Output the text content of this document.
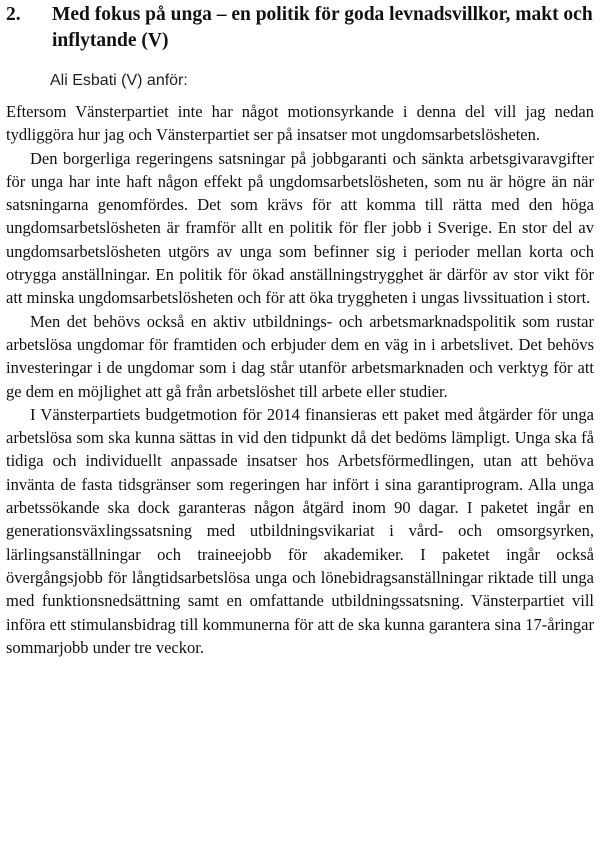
2.	Med fokus på unga – en politik för goda levnadsvillkor, makt och inflytande (V)
Ali Esbati (V) anför:

Eftersom Vänsterpartiet inte har något motionsyrkande i denna del vill jag nedan tydliggöra hur jag och Vänsterpartiet ser på insatser mot ungdomsarbetslösheten.

Den borgerliga regeringens satsningar på jobbgaranti och sänkta arbetsgivaravgifter för unga har inte haft någon effekt på ungdomsarbetslösheten, som nu är högre än när satsningarna genomfördes. Det som krävs för att komma till rätta med den höga ungdomsarbetslösheten är framför allt en politik för fler jobb i Sverige. En stor del av ungdomsarbetslösheten utgörs av unga som befinner sig i perioder mellan korta och otrygga anställningar. En politik för ökad anställningstrygghet är därför av stor vikt för att minska ungdomsarbetslösheten och för att öka tryggheten i ungas livssituation i stort.

Men det behövs också en aktiv utbildnings- och arbetsmarknadspolitik som rustar arbetslösa ungdomar för framtiden och erbjuder dem en väg in i arbetslivet. Det behövs investeringar i de ungdomar som i dag står utanför arbetsmarknaden och verktyg för att ge dem en möjlighet att gå från arbetslöshet till arbete eller studier.

I Vänsterpartiets budgetmotion för 2014 finansieras ett paket med åtgärder för unga arbetslösa som ska kunna sättas in vid den tidpunkt då det bedöms lämpligt. Unga ska få tidiga och individuellt anpassade insatser hos Arbetsförmedlingen, utan att behöva invänta de fasta tidsgränser som regeringen har infört i sina garantiprogram. Alla unga arbetssökande ska dock garanteras någon åtgärd inom 90 dagar. I paketet ingår en generationsväxlingssatsning med utbildningsvikariat i vård- och omsorgsyrken, lärlingsanställningar och traineejobb för akademiker. I paketet ingår också övergångsjobb för långtidsarbetslösa unga och lönebidragsanställningar riktade till unga med funktionsnedsättning samt en omfattande utbildningssatsning. Vänsterpartiet vill införa ett stimulansbidrag till kommunerna för att de ska kunna garantera sina 17-åringar sommarjobb under tre veckor.
